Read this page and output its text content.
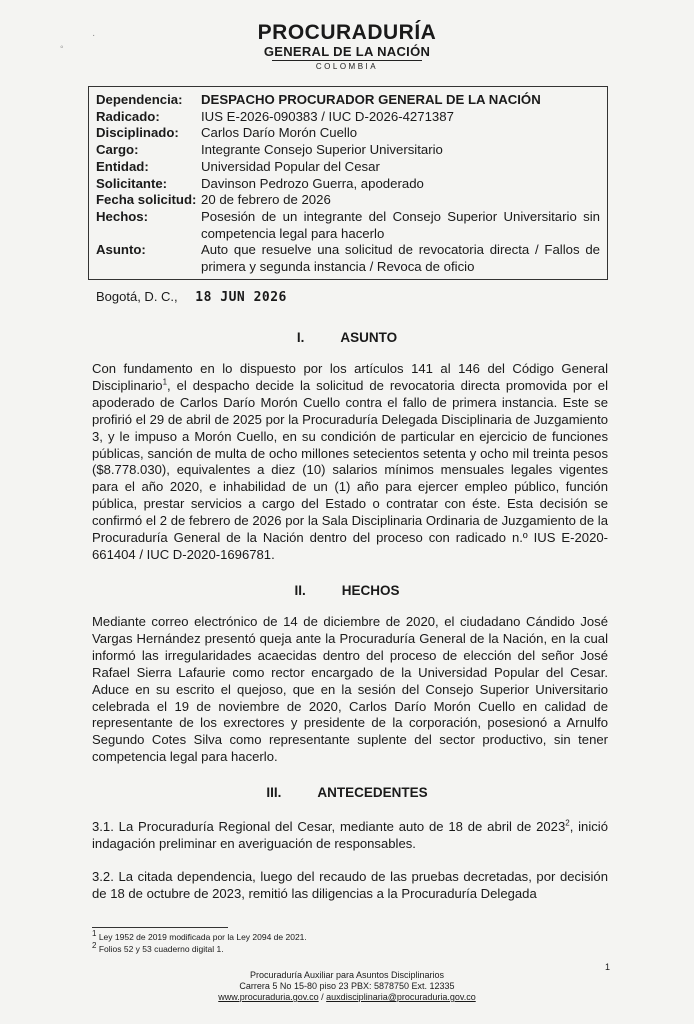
◦
·	PROCURADURÍA
GENERAL DE LA NACIÓN
COLOMBIA
Dependencia:	DESPACHO PROCURADOR GENERAL DE LA NACIÓN
Radicado:	IUS E-2026-090383 / IUC D-2026-4271387
Disciplinado:	Carlos Darío Morón Cuello
Cargo:	Integrante Consejo Superior Universitario
Entidad:	Universidad Popular del Cesar
Solicitante:	Davinson Pedrozo Guerra, apoderado
Fecha solicitud: 20 de febrero de 2026
Hechos:	Posesión de un integrante del Consejo Superior Universitario sin competencia legal para hacerlo
Asunto:	Auto que resuelve una solicitud de revocatoria directa / Fallos de primera y segunda instancia / Revoca de oficio
Bogotá, D. C., 18 JUN 2026
I.	ASUNTO
Con fundamento en lo dispuesto por los artículos 141 al 146 del Código General Disciplinario$^1$, el despacho decide la solicitud de revocatoria directa promovida por el apoderado de Carlos Darío Morón Cuello contra el fallo de primera instancia. Este se profirió el 29 de abril de 2025 por la Procuraduría Delegada Disciplinaria de Juzgamiento 3, y le impuso a Morón Cuello, en su condición de particular en ejercicio de funciones públicas, sanción de multa de ocho millones setecientos setenta y ocho mil treinta pesos ($8.778.030), equivalentes a diez (10) salarios mínimos mensuales legales vigentes para el año 2020, e inhabilidad de un (1) año para ejercer empleo público, función pública, prestar servicios a cargo del Estado o contratar con éste. Esta decisión se confirmó el 2 de febrero de 2026 por la Sala Disciplinaria Ordinaria de Juzgamiento de la Procuraduría General de la Nación dentro del proceso con radicado n.º IUS E-2020-661404 / IUC D-2020-1696781.
II.	HECHOS
Mediante correo electrónico de 14 de diciembre de 2020, el ciudadano Cándido José Vargas Hernández presentó queja ante la Procuraduría General de la Nación, en la cual informó las irregularidades acaecidas dentro del proceso de elección del señor José Rafael Sierra Lafaurie como rector encargado de la Universidad Popular del Cesar. Aduce en su escrito el quejoso, que en la sesión del Consejo Superior Universitario celebrada el 19 de noviembre de 2020, Carlos Darío Morón Cuello en calidad de representante de los exrectores y presidente de la corporación, posesionó a Arnulfo Segundo Cotes Silva como representante suplente del sector productivo, sin tener competencia legal para hacerlo.
III.	ANTECEDENTES
3.1. La Procuraduría Regional del Cesar, mediante auto de 18 de abril de 2023$^2$, inició indagación preliminar en averiguación de responsables.
3.2. La citada dependencia, luego del recaudo de las pruebas decretadas, por decisión de 18 de octubre de 2023, remitió las diligencias a la Procuraduría Delegada
$^1$ Ley 1952 de 2019 modificada por la Ley 2094 de 2021.
$^2$ Folios 52 y 53 cuaderno digital 1.
1
Procuraduría Auxiliar para Asuntos Disciplinarios
Carrera 5 No 15-80 piso 23 PBX: 5878750 Ext. 12335
www.procuraduria.gov.co / auxdisciplinaria@procuraduria.gov.co
